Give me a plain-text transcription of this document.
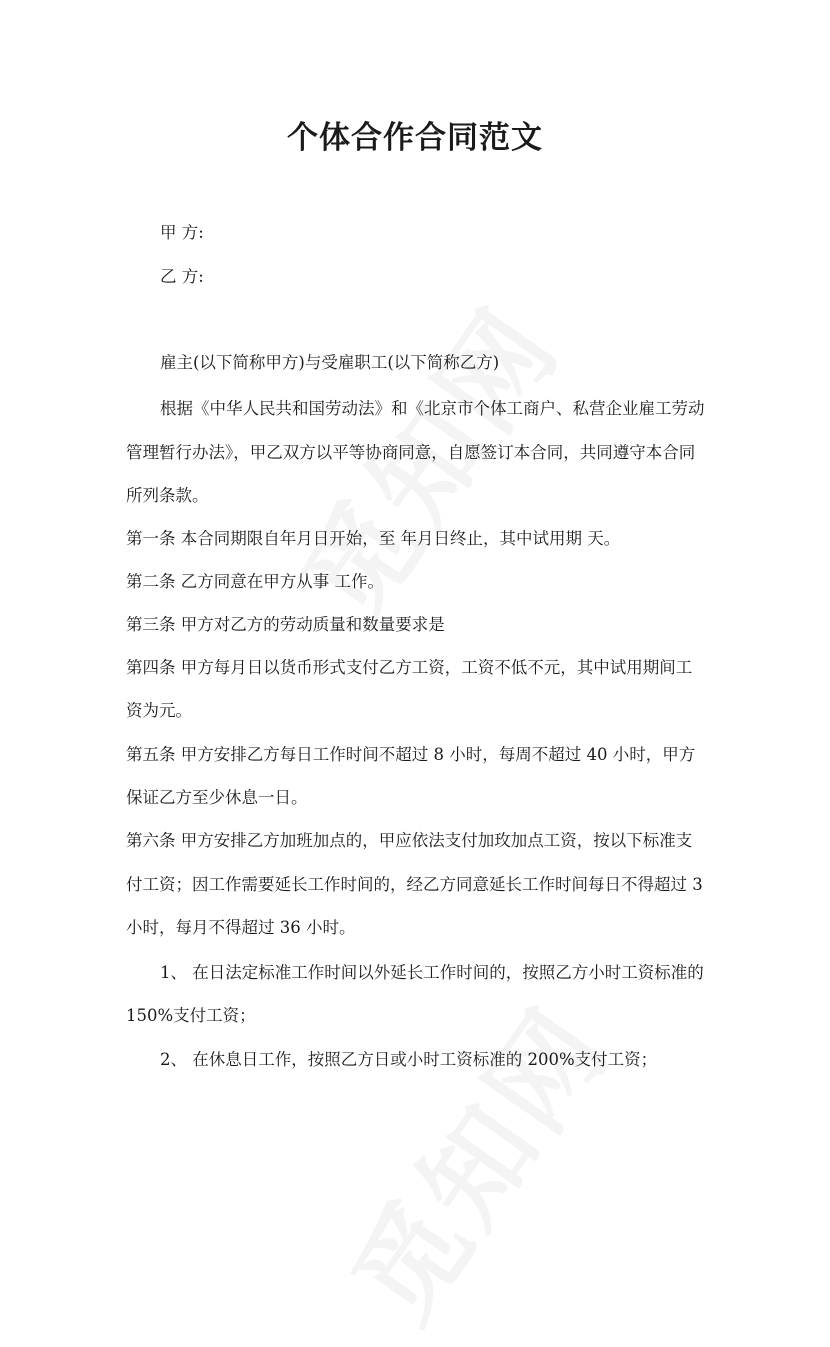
个体合作合同范文

甲 方:

乙 方:

雇主(以下简称甲方)与受雇职工(以下简称乙方)

根据《中华人民共和国劳动法》和《北京市个体工商户、私营企业雇工劳动

管理暂行办法》，甲乙双方以平等协商同意，自愿签订本合同，共同遵守本合同

所列条款。

第一条 本合同期限自年月日开始，至 年月日终止，其中试用期 天。

第二条 乙方同意在甲方从事 工作。

第三条 甲方对乙方的劳动质量和数量要求是

第四条 甲方每月日以货币形式支付乙方工资，工资不低不元，其中试用期间工

资为元。

第五条 甲方安排乙方每日工作时间不超过 8 小时，每周不超过 40 小时，甲方

保证乙方至少休息一日。

第六条 甲方安排乙方加班加点的，甲应依法支付加玫加点工资，按以下标准支

付工资；因工作需要延长工作时间的，经乙方同意延长工作时间每日不得超过 3

小时，每月不得超过 36 小时。

1、 在日法定标准工作时间以外延长工作时间的，按照乙方小时工资标准的

150%支付工资；

2、 在休息日工作，按照乙方日或小时工资标准的 200%支付工资；
